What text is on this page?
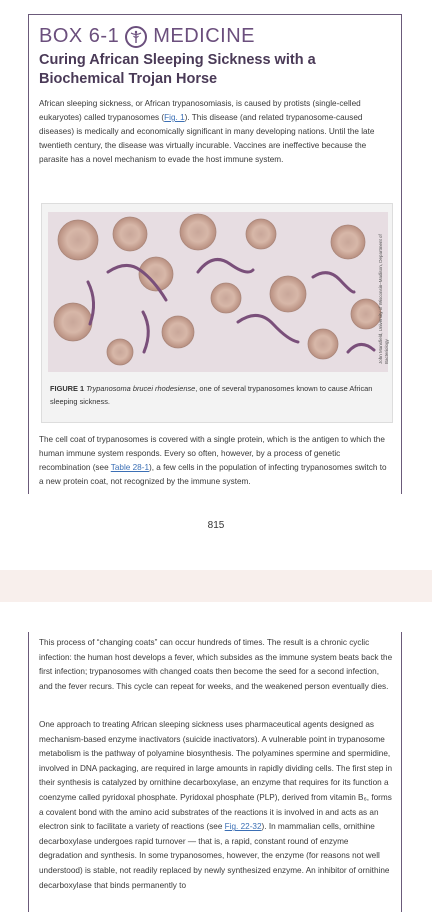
BOX 6-1 MEDICINE
Curing African Sleeping Sickness with a Biochemical Trojan Horse

African sleeping sickness, or African trypanosomiasis, is caused by protists (single-celled eukaryotes) called trypanosomes (Fig. 1). This disease (and related trypanosome-caused diseases) is medically and economically significant in many developing nations. Until the late twentieth century, the disease was virtually incurable. Vaccines are ineffective because the parasite has a novel mechanism to evade the host immune system.

John Mansfield, University of Wisconsin–Madison, Department of Bacteriology

FIGURE 1 Trypanosoma brucei rhodesiense, one of several trypanosomes known to cause African sleeping sickness.

The cell coat of trypanosomes is covered with a single protein, which is the antigen to which the human immune system responds. Every so often, however, by a process of genetic recombination (see Table 28-1), a few cells in the population of infecting trypanosomes switch to a new protein coat, not recognized by the immune system.

815

This process of “changing coats” can occur hundreds of times. The result is a chronic cyclic infection: the human host develops a fever, which subsides as the immune system beats back the first infection; trypanosomes with changed coats then become the seed for a second infection, and the fever recurs. This cycle can repeat for weeks, and the weakened person eventually dies.

One approach to treating African sleeping sickness uses pharmaceutical agents designed as mechanism-based enzyme inactivators (suicide inactivators). A vulnerable point in trypanosome metabolism is the pathway of polyamine biosynthesis. The polyamines spermine and spermidine, involved in DNA packaging, are required in large amounts in rapidly dividing cells. The first step in their synthesis is catalyzed by ornithine decarboxylase, an enzyme that requires for its function a coenzyme called pyridoxal phosphate. Pyridoxal phosphate (PLP), derived from vitamin B₆, forms a covalent bond with the amino acid substrates of the reactions it is involved in and acts as an electron sink to facilitate a variety of reactions (see Fig. 22-32). In mammalian cells, ornithine decarboxylase undergoes rapid turnover — that is, a rapid, constant round of enzyme degradation and synthesis. In some trypanosomes, however, the enzyme (for reasons not well understood) is stable, not readily replaced by newly synthesized enzyme. An inhibitor of ornithine decarboxylase that binds permanently to
